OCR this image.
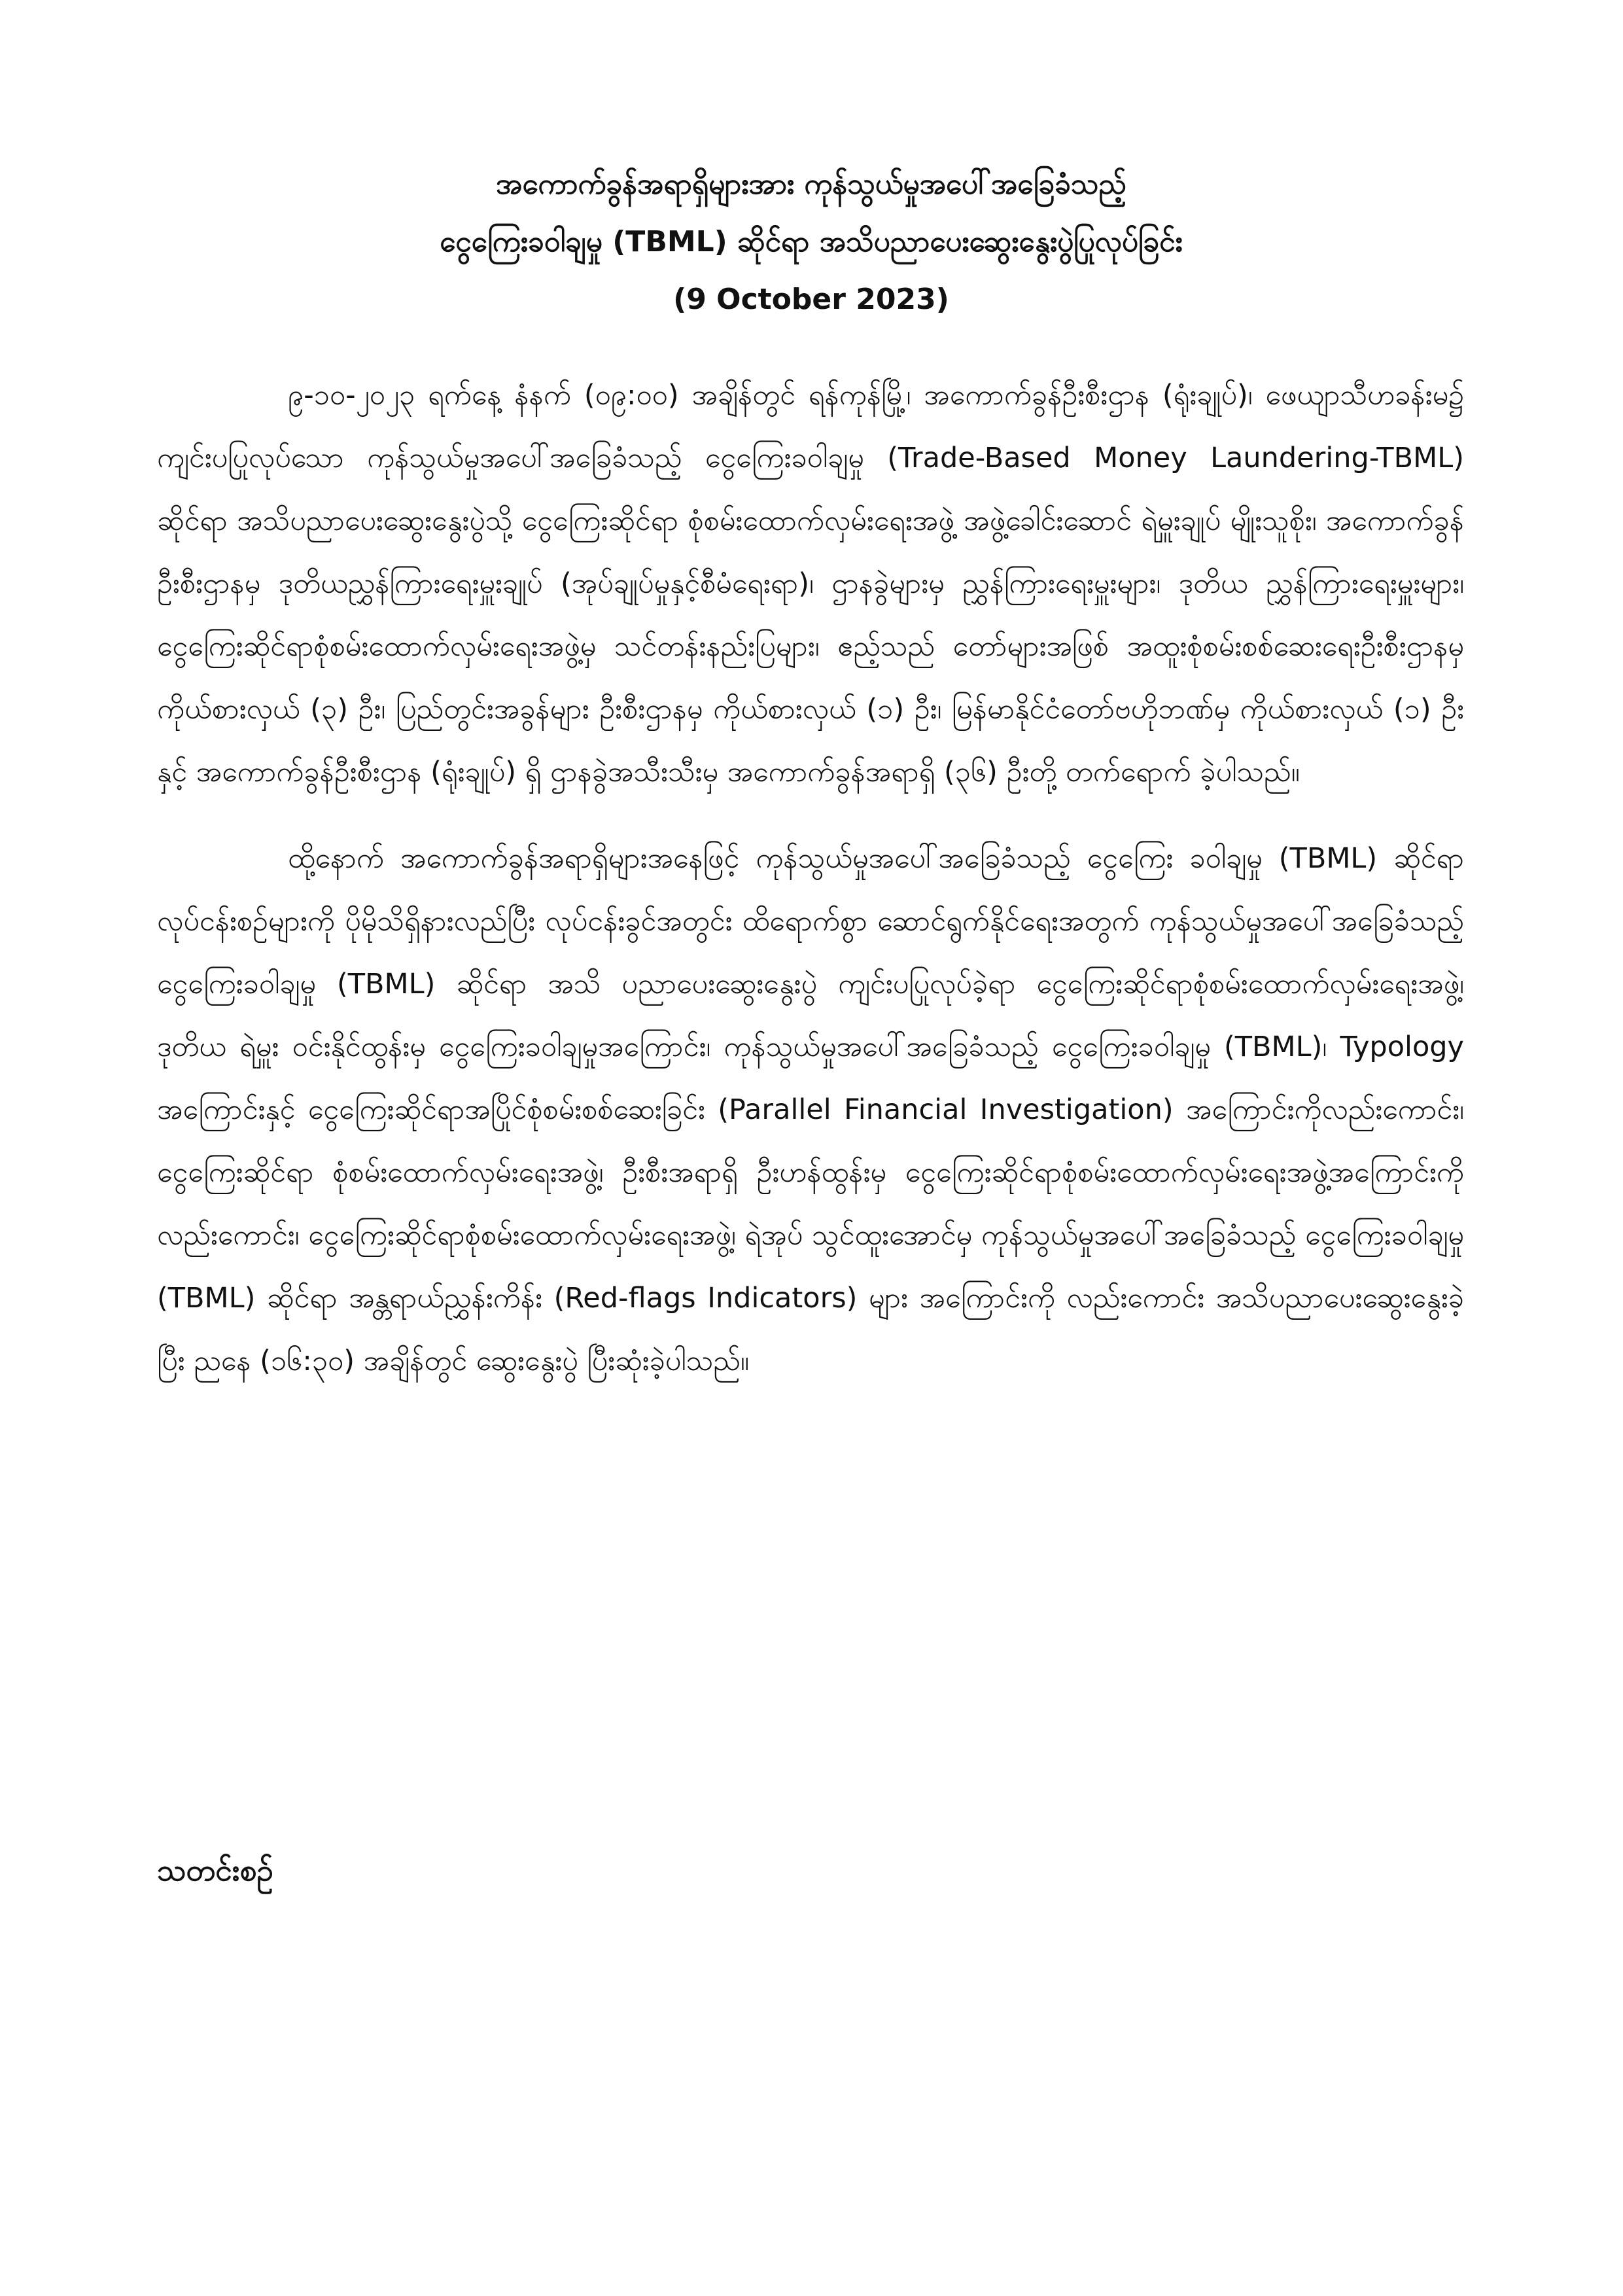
အကောက်ခွန်အရာရှိများအား ကုန်သွယ်မှုအပေါ်အခြေခံသည့်
ငွေကြေးခဝါချမှု (TBML) ဆိုင်ရာ အသိပညာပေးဆွေးနွေးပွဲပြုလုပ်ခြင်း
(9 October 2023)

၉-၁၀-၂၀၂၃ ရက်နေ့ နံနက် (၀၉:၀၀) အချိန်တွင် ရန်ကုန်မြို့၊ အကောက်ခွန်ဦးစီးဌာန (ရုံးချုပ်)၊ ဖေယျာသီဟခန်းမ၌ ကျင်းပပြုလုပ်သော ကုန်သွယ်မှုအပေါ်အခြေခံသည့် ငွေကြေးခဝါချမှု (Trade-Based Money Laundering-TBML) ဆိုင်ရာ အသိပညာပေးဆွေးနွေးပွဲသို့ ငွေကြေးဆိုင်ရာ စုံစမ်းထောက်လှမ်းရေးအဖွဲ့ အဖွဲ့ခေါင်းဆောင် ရဲမှူးချုပ် မျိုးသူစိုး၊ အကောက်ခွန်ဦးစီးဌာနမှ ဒုတိယညွှန်ကြားရေးမှူးချုပ် (အုပ်ချုပ်မှုနှင့်စီမံရေးရာ)၊ ဌာနခွဲများမှ ညွှန်ကြားရေးမှူးများ၊ ဒုတိယ ညွှန်ကြားရေးမှူးများ၊ ငွေကြေးဆိုင်ရာစုံစမ်းထောက်လှမ်းရေးအဖွဲ့မှ သင်တန်းနည်းပြများ၊ ဧည့်သည် တော်များအဖြစ် အထူးစုံစမ်းစစ်ဆေးရေးဦးစီးဌာနမှ ကိုယ်စားလှယ် (၃) ဦး၊ ပြည်တွင်းအခွန်များ ဦးစီးဌာနမှ ကိုယ်စားလှယ် (၁) ဦး၊ မြန်မာနိုင်ငံတော်ဗဟိုဘဏ်မှ ကိုယ်စားလှယ် (၁) ဦးနှင့် အကောက်ခွန်ဦးစီးဌာန (ရုံးချုပ်) ရှိ ဌာနခွဲအသီးသီးမှ အကောက်ခွန်အရာရှိ (၃၆) ဦးတို့ တက်ရောက် ခဲ့ပါသည်။

ထို့နောက် အကောက်ခွန်အရာရှိများအနေဖြင့် ကုန်သွယ်မှုအပေါ်အခြေခံသည့် ငွေကြေး ခဝါချမှု (TBML) ဆိုင်ရာ လုပ်ငန်းစဉ်များကို ပိုမိုသိရှိနားလည်ပြီး လုပ်ငန်းခွင်အတွင်း ထိရောက်စွာ ဆောင်ရွက်နိုင်ရေးအတွက် ကုန်သွယ်မှုအပေါ်အခြေခံသည့်ငွေကြေးခဝါချမှု (TBML) ဆိုင်ရာ အသိ ပညာပေးဆွေးနွေးပွဲ ကျင်းပပြုလုပ်ခဲ့ရာ ငွေကြေးဆိုင်ရာစုံစမ်းထောက်လှမ်းရေးအဖွဲ့၊ ဒုတိယ ရဲမှူး ဝင်းနိုင်ထွန်းမှ ငွေကြေးခဝါချမှုအကြောင်း၊ ကုန်သွယ်မှုအပေါ်အခြေခံသည့် ငွေကြေးခဝါချမှု (TBML)၊ Typology အကြောင်းနှင့် ငွေကြေးဆိုင်ရာအပြိုင်စုံစမ်းစစ်ဆေးခြင်း (Parallel Financial Investigation) အကြောင်းကိုလည်းကောင်း၊ ငွေကြေးဆိုင်ရာ စုံစမ်းထောက်လှမ်းရေးအဖွဲ့၊ ဦးစီးအရာရှိ ဦးဟန်ထွန်းမှ ငွေကြေးဆိုင်ရာစုံစမ်းထောက်လှမ်းရေးအဖွဲ့အကြောင်းကိုလည်းကောင်း၊ ငွေကြေးဆိုင်ရာစုံစမ်းထောက်လှမ်းရေးအဖွဲ့၊ ရဲအုပ် သွင်ထူးအောင်မှ ကုန်သွယ်မှုအပေါ်အခြေခံသည့် ငွေကြေးခဝါချမှု (TBML) ဆိုင်ရာ အန္တရာယ်ညွှန်းကိန်း (Red-flags Indicators) များ အကြောင်းကို လည်းကောင်း အသိပညာပေးဆွေးနွေးခဲ့ပြီး ညနေ (၁၆:၃၀) အချိန်တွင် ဆွေးနွေးပွဲ ပြီးဆုံးခဲ့ပါသည်။

သတင်းစဉ်
